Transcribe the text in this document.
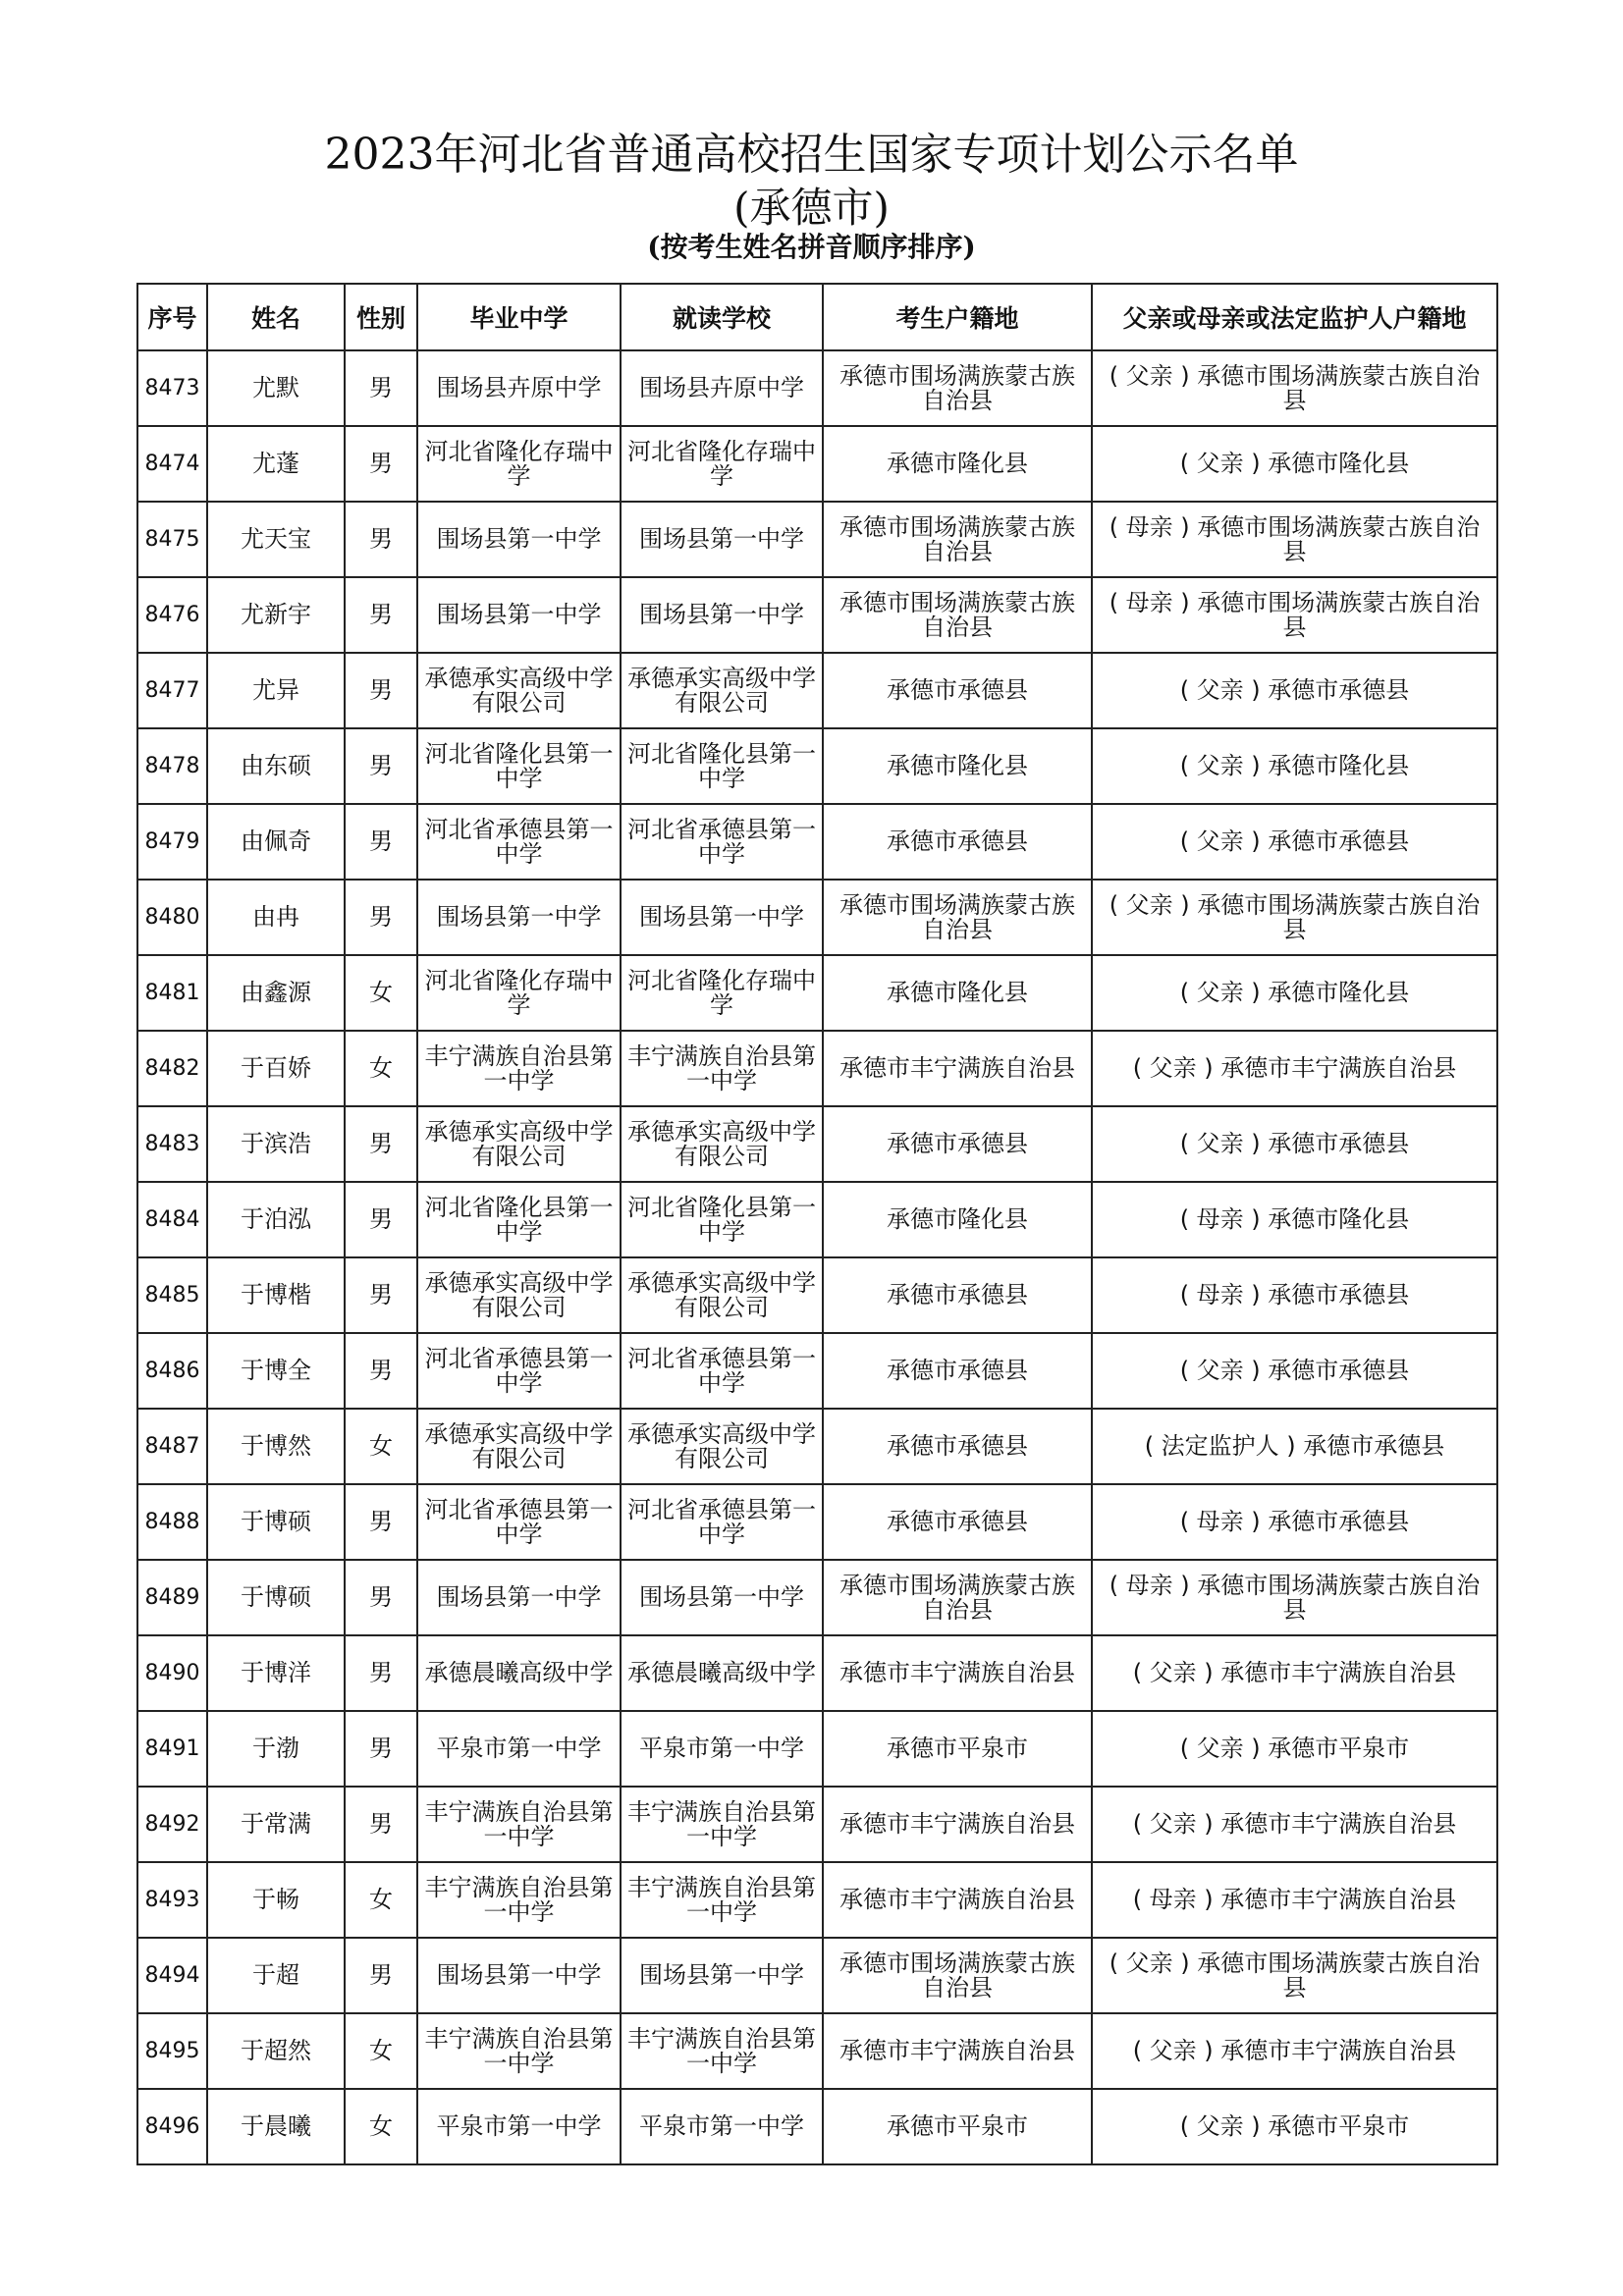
2023年河北省普通高校招生国家专项计划公示名单
(承德市)
(按考生姓名拼音顺序排序)
序号	姓名	性别	毕业中学	就读学校	考生户籍地	父亲或母亲或法定监护人户籍地
8473	尤默	男	围场县卉原中学	围场县卉原中学	承德市围场满族蒙古族自治县	( 父亲 ) 承德市围场满族蒙古族自治县
8474	尤蓬	男	河北省隆化存瑞中学	河北省隆化存瑞中学	承德市隆化县	( 父亲 ) 承德市隆化县
8475	尤天宝	男	围场县第一中学	围场县第一中学	承德市围场满族蒙古族自治县	( 母亲 ) 承德市围场满族蒙古族自治县
8476	尤新宇	男	围场县第一中学	围场县第一中学	承德市围场满族蒙古族自治县	( 母亲 ) 承德市围场满族蒙古族自治县
8477	尤异	男	承德承实高级中学有限公司	承德承实高级中学有限公司	承德市承德县	( 父亲 ) 承德市承德县
8478	由东硕	男	河北省隆化县第一中学	河北省隆化县第一中学	承德市隆化县	( 父亲 ) 承德市隆化县
8479	由佩奇	男	河北省承德县第一中学	河北省承德县第一中学	承德市承德县	( 父亲 ) 承德市承德县
8480	由冉	男	围场县第一中学	围场县第一中学	承德市围场满族蒙古族自治县	( 父亲 ) 承德市围场满族蒙古族自治县
8481	由鑫源	女	河北省隆化存瑞中学	河北省隆化存瑞中学	承德市隆化县	( 父亲 ) 承德市隆化县
8482	于百娇	女	丰宁满族自治县第一中学	丰宁满族自治县第一中学	承德市丰宁满族自治县	( 父亲 ) 承德市丰宁满族自治县
8483	于滨浩	男	承德承实高级中学有限公司	承德承实高级中学有限公司	承德市承德县	( 父亲 ) 承德市承德县
8484	于泊泓	男	河北省隆化县第一中学	河北省隆化县第一中学	承德市隆化县	( 母亲 ) 承德市隆化县
8485	于博楷	男	承德承实高级中学有限公司	承德承实高级中学有限公司	承德市承德县	( 母亲 ) 承德市承德县
8486	于博全	男	河北省承德县第一中学	河北省承德县第一中学	承德市承德县	( 父亲 ) 承德市承德县
8487	于博然	女	承德承实高级中学有限公司	承德承实高级中学有限公司	承德市承德县	( 法定监护人 ) 承德市承德县
8488	于博硕	男	河北省承德县第一中学	河北省承德县第一中学	承德市承德县	( 母亲 ) 承德市承德县
8489	于博硕	男	围场县第一中学	围场县第一中学	承德市围场满族蒙古族自治县	( 母亲 ) 承德市围场满族蒙古族自治县
8490	于博洋	男	承德晨曦高级中学	承德晨曦高级中学	承德市丰宁满族自治县	( 父亲 ) 承德市丰宁满族自治县
8491	于渤	男	平泉市第一中学	平泉市第一中学	承德市平泉市	( 父亲 ) 承德市平泉市
8492	于常满	男	丰宁满族自治县第一中学	丰宁满族自治县第一中学	承德市丰宁满族自治县	( 父亲 ) 承德市丰宁满族自治县
8493	于畅	女	丰宁满族自治县第一中学	丰宁满族自治县第一中学	承德市丰宁满族自治县	( 母亲 ) 承德市丰宁满族自治县
8494	于超	男	围场县第一中学	围场县第一中学	承德市围场满族蒙古族自治县	( 父亲 ) 承德市围场满族蒙古族自治县
8495	于超然	女	丰宁满族自治县第一中学	丰宁满族自治县第一中学	承德市丰宁满族自治县	( 父亲 ) 承德市丰宁满族自治县
8496	于晨曦	女	平泉市第一中学	平泉市第一中学	承德市平泉市	( 父亲 ) 承德市平泉市
